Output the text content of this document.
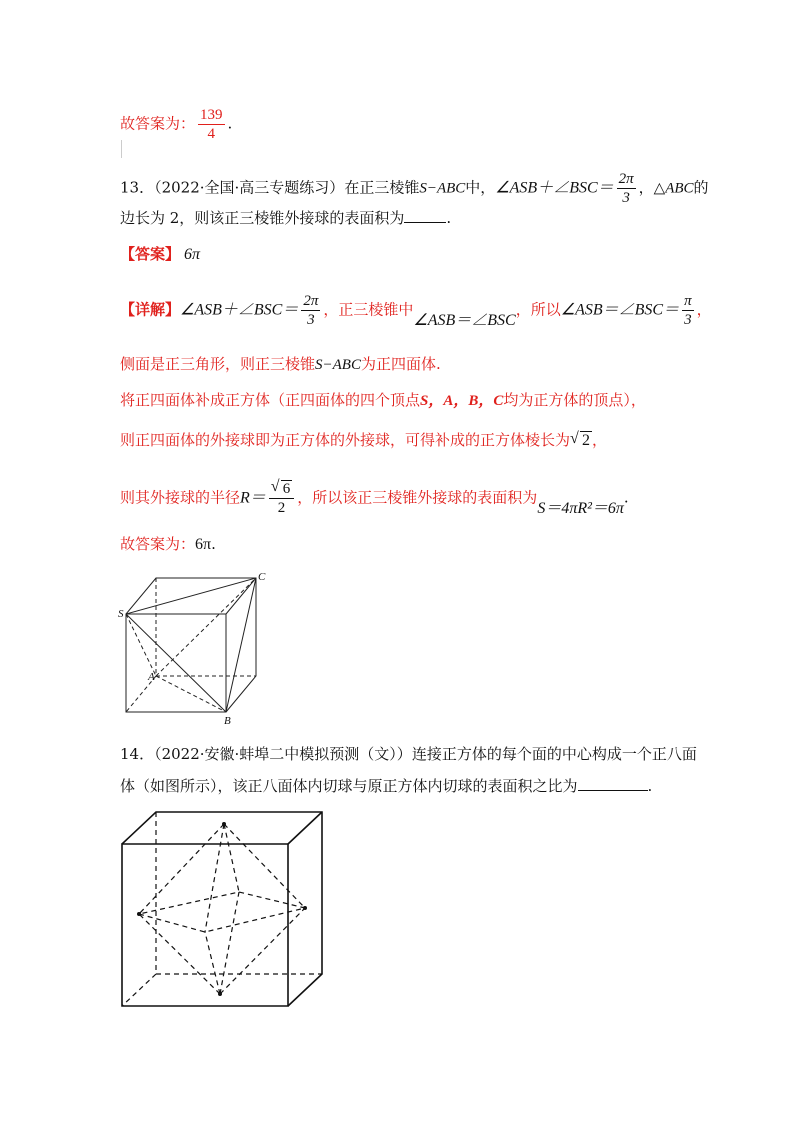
故答案为： $\frac{139}{4}$ .
13．（2022·全国·高三专题练习）在正三棱锥S−ABC中，∠ASB＋∠BSC＝ $\frac{2\pi}{3}$ ，△ABC的
边长为 2，则该正三棱锥外接球的表面积为	.
【答案】 6π
【详解】∠ASB＋∠BSC＝ $\frac{2\pi}{3}$ ，正三棱锥中∠ASB＝∠BSC，所以∠ASB＝∠BSC＝ $\frac{\pi}{3}$ ，
侧面是正三角形，则正三棱锥S−ABC为正四面体.
将正四面体补成正方体（正四面体的四个顶点S，A，B，C均为正方体的顶点），
则正四面体的外接球即为正方体的外接球，可得补成的正方体棱长为 √ 2 ，
则其外接球的半径$R= \frac{√ 6}{2}$ ，所以该正三棱锥外接球的表面积为S＝4πR²＝6π.
故答案为：6π.
S
C
A
B
14．（2022·安徽·蚌埠二中模拟预测（文））连接正方体的每个面的中心构成一个正八面
体（如图所示），该正八面体内切球与原正方体内切球的表面积之比为	.
